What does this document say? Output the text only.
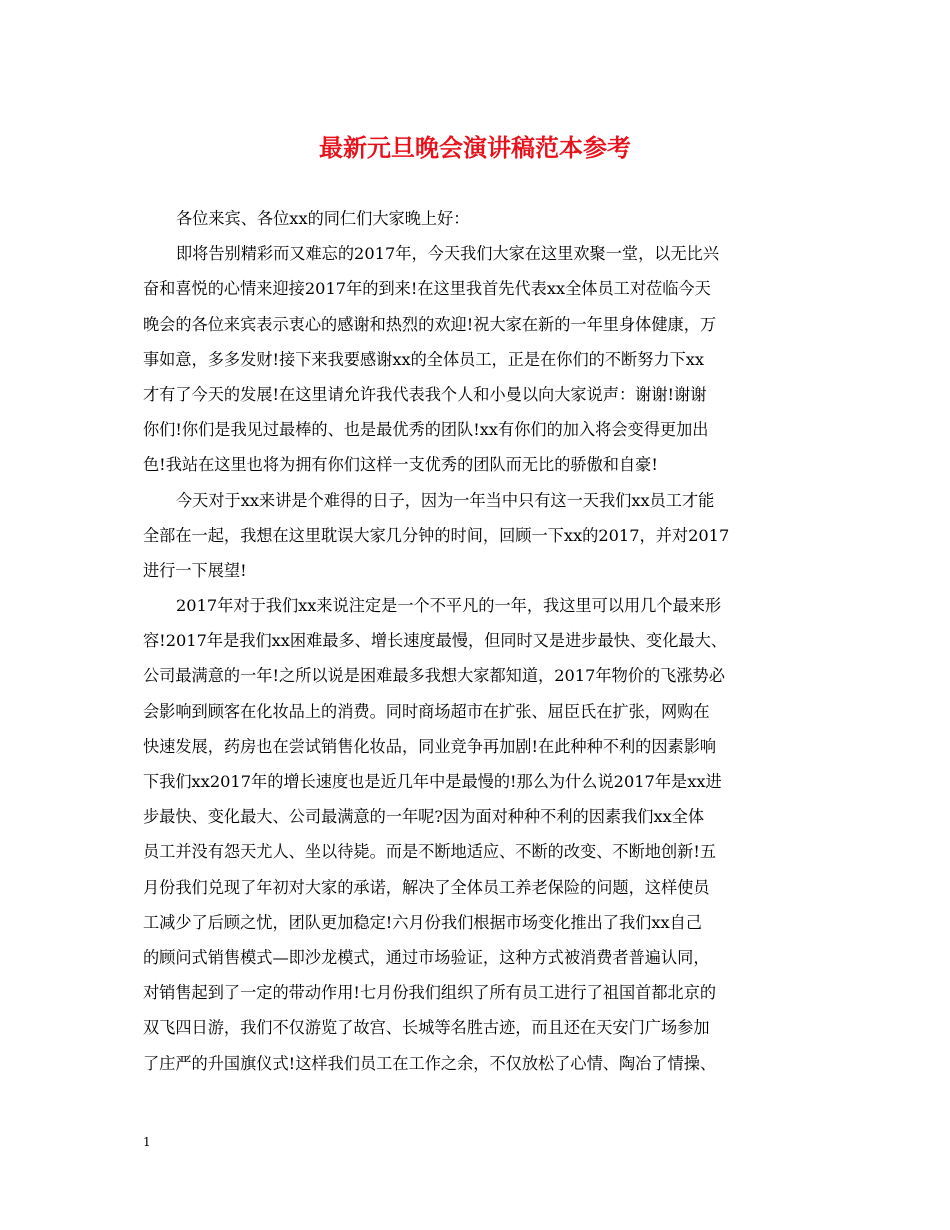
最新元旦晚会演讲稿范本参考
各位来宾、各位xx的同仁们大家晚上好：
即将告别精彩而又难忘的2017年，今天我们大家在这里欢聚一堂，以无比兴
奋和喜悦的心情来迎接2017年的到来!在这里我首先代表xx全体员工对莅临今天
晚会的各位来宾表示衷心的感谢和热烈的欢迎!祝大家在新的一年里身体健康，万
事如意，多多发财!接下来我要感谢xx的全体员工，正是在你们的不断努力下xx
才有了今天的发展!在这里请允许我代表我个人和小曼以向大家说声：谢谢!谢谢
你们!你们是我见过最棒的、也是最优秀的团队!xx有你们的加入将会变得更加出
色!我站在这里也将为拥有你们这样一支优秀的团队而无比的骄傲和自豪!
今天对于xx来讲是个难得的日子，因为一年当中只有这一天我们xx员工才能
全部在一起，我想在这里耽误大家几分钟的时间，回顾一下xx的2017，并对2017
进行一下展望!
2017年对于我们xx来说注定是一个不平凡的一年，我这里可以用几个最来形
容!2017年是我们xx困难最多、增长速度最慢，但同时又是进步最快、变化最大、
公司最满意的一年!之所以说是困难最多我想大家都知道，2017年物价的飞涨势必
会影响到顾客在化妆品上的消费。同时商场超市在扩张、屈臣氏在扩张，网购在
快速发展，药房也在尝试销售化妆品，同业竞争再加剧!在此种种不利的因素影响
下我们xx2017年的增长速度也是近几年中是最慢的!那么为什么说2017年是xx进
步最快、变化最大、公司最满意的一年呢?因为面对种种不利的因素我们xx全体
员工并没有怨天尤人、坐以待毙。而是不断地适应、不断的改变、不断地创新!五
月份我们兑现了年初对大家的承诺，解决了全体员工养老保险的问题，这样使员
工减少了后顾之忧，团队更加稳定!六月份我们根据市场变化推出了我们xx自己
的顾问式销售模式—即沙龙模式，通过市场验证，这种方式被消费者普遍认同，
对销售起到了一定的带动作用!七月份我们组织了所有员工进行了祖国首都北京的
双飞四日游，我们不仅游览了故宫、长城等名胜古迹，而且还在天安门广场参加
了庄严的升国旗仪式!这样我们员工在工作之余，不仅放松了心情、陶冶了情操、
1
